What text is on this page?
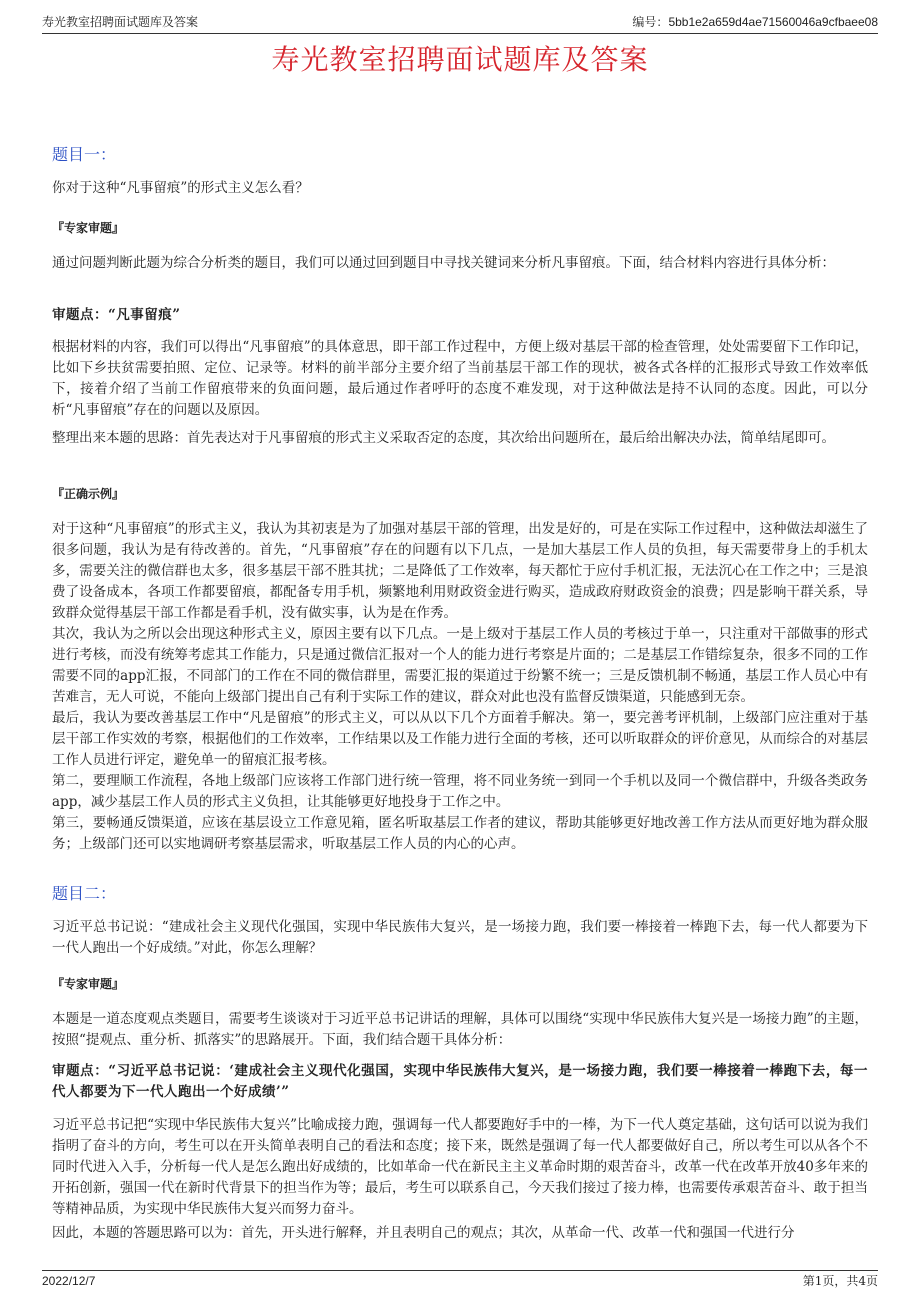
寿光教室招聘面试题库及答案	编号：5bb1e2a659d4ae71560046a9cfbaee08
寿光教室招聘面试题库及答案
题目一：

你对于这种“凡事留痕”的形式主义怎么看？

『专家审题』

通过问题判断此题为综合分析类的题目，我们可以通过回到题目中寻找关键词来分析凡事留痕。下面，结合材料内容进行具体分析：

审题点：“凡事留痕”

根据材料的内容，我们可以得出“凡事留痕”的具体意思，即干部工作过程中，方便上级对基层干部的检查管理，处处需要留下工作印记，比如下乡扶贫需要拍照、定位、记录等。材料的前半部分主要介绍了当前基层干部工作的现状，被各式各样的汇报形式导致工作效率低下，接着介绍了当前工作留痕带来的负面问题，最后通过作者呼吁的态度不难发现，对于这种做法是持不认同的态度。因此，可以分析“凡事留痕”存在的问题以及原因。

整理出来本题的思路：首先表达对于凡事留痕的形式主义采取否定的态度，其次给出问题所在，最后给出解决办法，简单结尾即可。

『正确示例』

对于这种“凡事留痕”的形式主义，我认为其初衷是为了加强对基层干部的管理，出发是好的，可是在实际工作过程中，这种做法却滋生了很多问题，我认为是有待改善的。首先，“凡事留痕”存在的问题有以下几点，一是加大基层工作人员的负担，每天需要带身上的手机太多，需要关注的微信群也太多，很多基层干部不胜其扰；二是降低了工作效率，每天都忙于应付手机汇报，无法沉心在工作之中；三是浪费了设备成本，各项工作都要留痕，都配备专用手机，频繁地利用财政资金进行购买，造成政府财政资金的浪费；四是影响干群关系，导致群众觉得基层干部工作都是看手机，没有做实事，认为是在作秀。

其次，我认为之所以会出现这种形式主义，原因主要有以下几点。一是上级对于基层工作人员的考核过于单一，只注重对干部做事的形式进行考核，而没有统筹考虑其工作能力，只是通过微信汇报对一个人的能力进行考察是片面的；二是基层工作错综复杂，很多不同的工作需要不同的app汇报，不同部门的工作在不同的微信群里，需要汇报的渠道过于纷繁不统一；三是反馈机制不畅通，基层工作人员心中有苦难言，无人可说，不能向上级部门提出自己有利于实际工作的建议，群众对此也没有监督反馈渠道，只能感到无奈。

最后，我认为要改善基层工作中“凡是留痕”的形式主义，可以从以下几个方面着手解决。第一，要完善考评机制，上级部门应注重对于基层干部工作实效的考察，根据他们的工作效率，工作结果以及工作能力进行全面的考核，还可以听取群众的评价意见，从而综合的对基层工作人员进行评定，避免单一的留痕汇报考核。

第二，要理顺工作流程，各地上级部门应该将工作部门进行统一管理，将不同业务统一到同一个手机以及同一个微信群中，升级各类政务app，减少基层工作人员的形式主义负担，让其能够更好地投身于工作之中。

第三，要畅通反馈渠道，应该在基层设立工作意见箱，匿名听取基层工作者的建议，帮助其能够更好地改善工作方法从而更好地为群众服务；上级部门还可以实地调研考察基层需求，听取基层工作人员的内心的心声。

题目二：

习近平总书记说：“建成社会主义现代化强国，实现中华民族伟大复兴，是一场接力跑，我们要一棒接着一棒跑下去，每一代人都要为下一代人跑出一个好成绩。”对此，你怎么理解？

『专家审题』

本题是一道态度观点类题目，需要考生谈谈对于习近平总书记讲话的理解，具体可以围绕“实现中华民族伟大复兴是一场接力跑”的主题，按照“提观点、重分析、抓落实”的思路展开。下面，我们结合题干具体分析：

审题点：“习近平总书记说：‘建成社会主义现代化强国，实现中华民族伟大复兴，是一场接力跑，我们要一棒接着一棒跑下去，每一代人都要为下一代人跑出一个好成绩’”

习近平总书记把“实现中华民族伟大复兴”比喻成接力跑，强调每一代人都要跑好手中的一棒，为下一代人奠定基础，这句话可以说为我们指明了奋斗的方向，考生可以在开头简单表明自己的看法和态度；接下来，既然是强调了每一代人都要做好自己，所以考生可以从各个不同时代进入入手，分析每一代人是怎么跑出好成绩的，比如革命一代在新民主主义革命时期的艰苦奋斗，改革一代在改革开放40多年来的开拓创新，强国一代在新时代背景下的担当作为等；最后，考生可以联系自己，今天我们接过了接力棒，也需要传承艰苦奋斗、敢于担当等精神品质，为实现中华民族伟大复兴而努力奋斗。

因此，本题的答题思路可以为：首先，开头进行解释，并且表明自己的观点；其次，从革命一代、改革一代和强国一代进行分

2022/12/7	第1页，共4页
